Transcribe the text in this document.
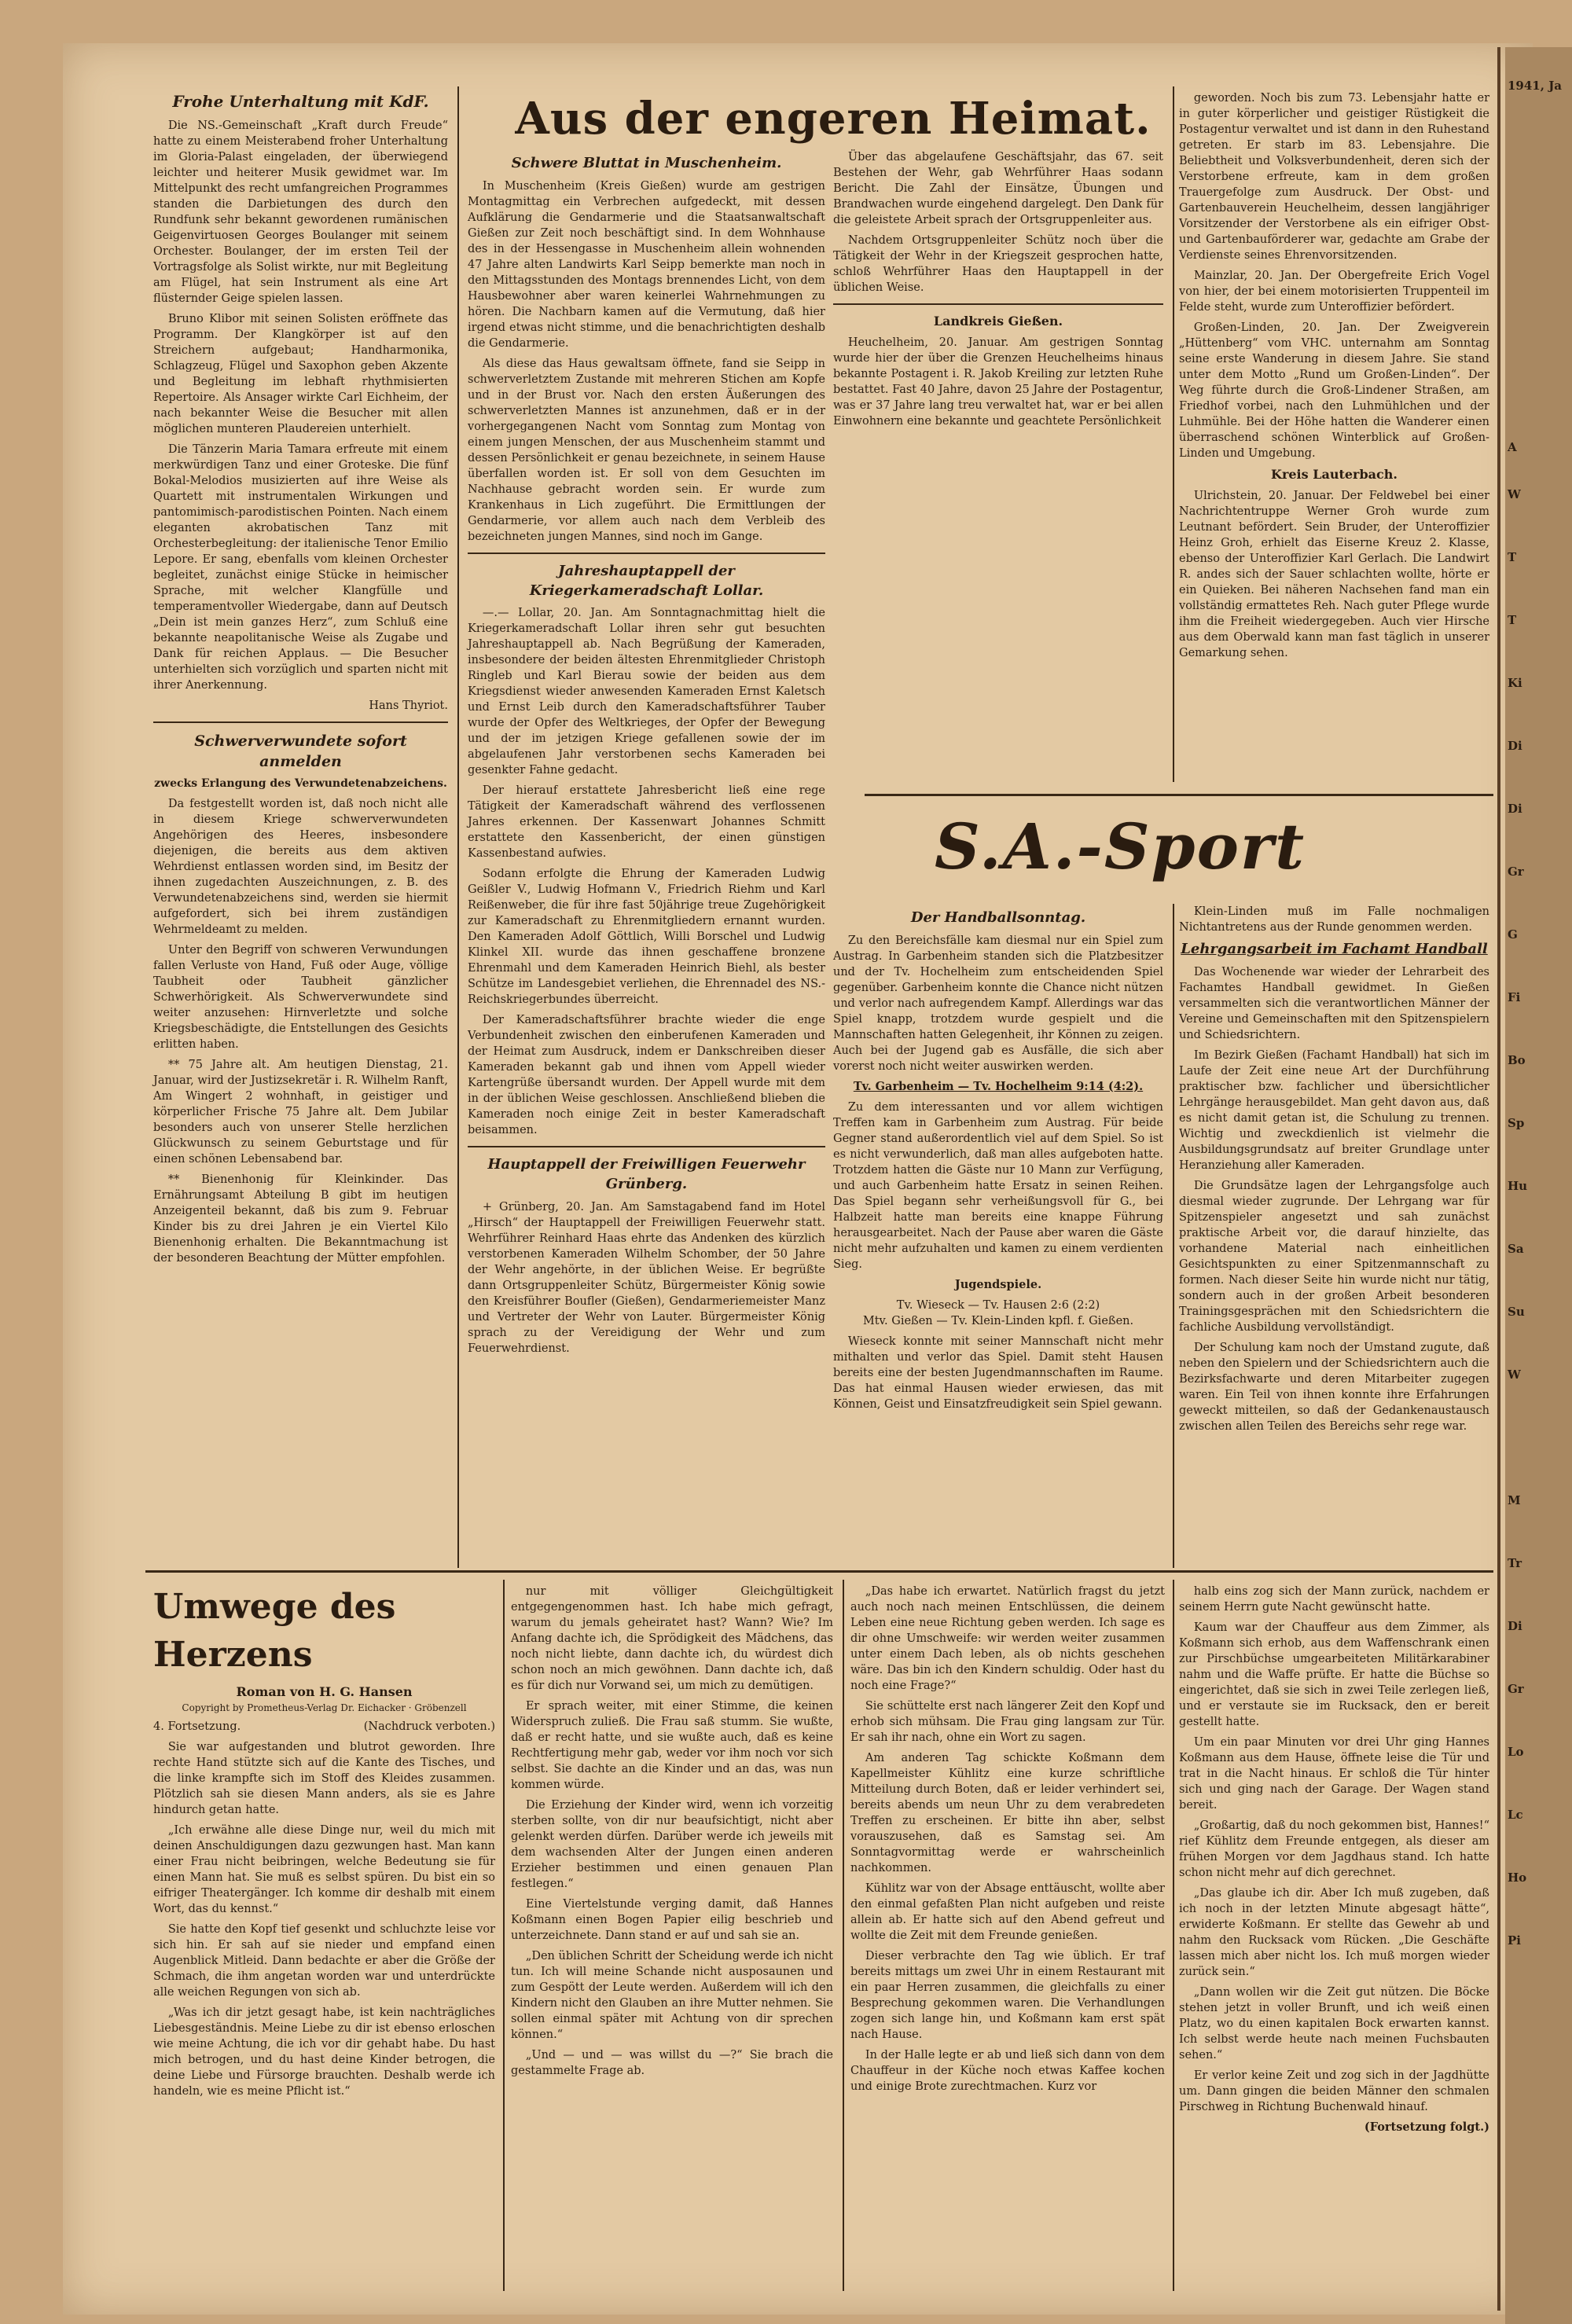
1941, Ja
A
W
T
T
Ki
Di
Di
Gr
G
Fi
Bo
Sp
Hu
Sa
Su
W
M
Tr
Di
Gr
Lo
Lc
Ho
Pi
Frohe Unterhaltung mit KdF.

Die NS.-Gemeinschaft „Kraft durch Freude“ hatte zu einem Meisterabend froher Unterhaltung im Gloria-Palast eingeladen, der überwiegend leichter und heiterer Musik gewidmet war. Im Mittelpunkt des recht umfangreichen Programmes standen die Darbietungen des durch den Rundfunk sehr bekannt gewordenen rumänischen Geigenvirtuosen Georges Boulanger mit seinem Orchester. Boulanger, der im ersten Teil der Vortragsfolge als Solist wirkte, nur mit Begleitung am Flügel, hat sein Instrument als eine Art flüsternder Geige spielen lassen.

Bruno Klibor mit seinen Solisten eröffnete das Programm. Der Klangkörper ist auf den Streichern aufgebaut; Handharmonika, Schlagzeug, Flügel und Saxophon geben Akzente und Begleitung im lebhaft rhythmisierten Repertoire. Als Ansager wirkte Carl Eichheim, der nach bekannter Weise die Besucher mit allen möglichen munteren Plaudereien unterhielt.

Die Tänzerin Maria Tamara erfreute mit einem merkwürdigen Tanz und einer Groteske. Die fünf Bokal-Melodios musizierten auf ihre Weise als Quartett mit instrumentalen Wirkungen und pantomimisch-parodistischen Pointen. Nach einem eleganten akrobatischen Tanz mit Orchesterbegleitung: der italienische Tenor Emilio Lepore. Er sang, ebenfalls vom kleinen Orchester begleitet, zunächst einige Stücke in heimischer Sprache, mit welcher Klangfülle und temperamentvoller Wiedergabe, dann auf Deutsch „Dein ist mein ganzes Herz“, zum Schluß eine bekannte neapolitanische Weise als Zugabe und Dank für reichen Applaus. — Die Besucher unterhielten sich vorzüglich und sparten nicht mit ihrer Anerkennung.

Hans Thyriot.
Schwerverwundete sofort anmelden
zwecks Erlangung des Verwundetenabzeichens.

Da festgestellt worden ist, daß noch nicht alle in diesem Kriege schwerverwundeten Angehörigen des Heeres, insbesondere diejenigen, die bereits aus dem aktiven Wehrdienst entlassen worden sind, im Besitz der ihnen zugedachten Auszeichnungen, z. B. des Verwundetenabzeichens sind, werden sie hiermit aufgefordert, sich bei ihrem zuständigen Wehrmeldeamt zu melden.

Unter den Begriff von schweren Verwundungen fallen Verluste von Hand, Fuß oder Auge, völlige Taubheit oder Taubheit gänzlicher Schwerhörigkeit. Als Schwerverwundete sind weiter anzusehen: Hirnverletzte und solche Kriegsbeschädigte, die Entstellungen des Gesichts erlitten haben.

** 75 Jahre alt. Am heutigen Dienstag, 21. Januar, wird der Justizsekretär i. R. Wilhelm Ranft, Am Wingert 2 wohnhaft, in geistiger und körperlicher Frische 75 Jahre alt. Dem Jubilar besonders auch von unserer Stelle herzlichen Glückwunsch zu seinem Geburtstage und für einen schönen Lebensabend bar.

** Bienenhonig für Kleinkinder. Das Ernährungsamt Abteilung B gibt im heutigen Anzeigenteil bekannt, daß bis zum 9. Februar Kinder bis zu drei Jahren je ein Viertel Kilo Bienenhonig erhalten. Die Bekanntmachung ist der besonderen Beachtung der Mütter empfohlen.

Aus der engeren Heimat.
Schwere Bluttat in Muschenheim.

In Muschenheim (Kreis Gießen) wurde am gestrigen Montagmittag ein Verbrechen aufgedeckt, mit dessen Aufklärung die Gendarmerie und die Staatsanwaltschaft Gießen zur Zeit noch beschäftigt sind. In dem Wohnhause des in der Hessengasse in Muschenheim allein wohnenden 47 Jahre alten Landwirts Karl Seipp bemerkte man noch in den Mittagsstunden des Montags brennendes Licht, von dem Hausbewohner aber waren keinerlei Wahrnehmungen zu hören. Die Nachbarn kamen auf die Vermutung, daß hier irgend etwas nicht stimme, und die benachrichtigten deshalb die Gendarmerie.

Als diese das Haus gewaltsam öffnete, fand sie Seipp in schwerverletztem Zustande mit mehreren Stichen am Kopfe und in der Brust vor. Nach den ersten Äußerungen des schwerverletzten Mannes ist anzunehmen, daß er in der vorhergegangenen Nacht vom Sonntag zum Montag von einem jungen Menschen, der aus Muschenheim stammt und dessen Persönlichkeit er genau bezeichnete, in seinem Hause überfallen worden ist. Er soll von dem Gesuchten im Nachhause gebracht worden sein. Er wurde zum Krankenhaus in Lich zugeführt. Die Ermittlungen der Gendarmerie, vor allem auch nach dem Verbleib des bezeichneten jungen Mannes, sind noch im Gange.

Jahreshauptappell der Kriegerkameradschaft Lollar.

—.— Lollar, 20. Jan. Am Sonntagnachmittag hielt die Kriegerkameradschaft Lollar ihren sehr gut besuchten Jahreshauptappell ab. Nach Begrüßung der Kameraden, insbesondere der beiden ältesten Ehrenmitglieder Christoph Ringleb und Karl Bierau sowie der beiden aus dem Kriegsdienst wieder anwesenden Kameraden Ernst Kaletsch und Ernst Leib durch den Kameradschaftsführer Tauber wurde der Opfer des Weltkrieges, der Opfer der Bewegung und der im jetzigen Kriege gefallenen sowie der im abgelaufenen Jahr verstorbenen sechs Kameraden bei gesenkter Fahne gedacht.

Der hierauf erstattete Jahresbericht ließ eine rege Tätigkeit der Kameradschaft während des verflossenen Jahres erkennen. Der Kassenwart Johannes Schmitt erstattete den Kassenbericht, der einen günstigen Kassenbestand aufwies.

Sodann erfolgte die Ehrung der Kameraden Ludwig Geißler V., Ludwig Hofmann V., Friedrich Riehm und Karl Reißenweber, die für ihre fast 50jährige treue Zugehörigkeit zur Kameradschaft zu Ehrenmitgliedern ernannt wurden. Den Kameraden Adolf Göttlich, Willi Borschel und Ludwig Klinkel XII. wurde das ihnen geschaffene bronzene Ehrenmahl und dem Kameraden Heinrich Biehl, als bester Schütze im Landesgebiet verliehen, die Ehrennadel des NS.-Reichskriegerbundes überreicht.

Der Kameradschaftsführer brachte wieder die enge Verbundenheit zwischen den einberufenen Kameraden und der Heimat zum Ausdruck, indem er Dankschreiben dieser Kameraden bekannt gab und ihnen vom Appell wieder Kartengrüße übersandt wurden. Der Appell wurde mit dem in der üblichen Weise geschlossen. Anschließend blieben die Kameraden noch einige Zeit in bester Kameradschaft beisammen.

Hauptappell der Freiwilligen Feuerwehr Grünberg.

+ Grünberg, 20. Jan. Am Samstagabend fand im Hotel „Hirsch“ der Hauptappell der Freiwilligen Feuerwehr statt. Wehrführer Reinhard Haas ehrte das Andenken des kürzlich verstorbenen Kameraden Wilhelm Schomber, der 50 Jahre der Wehr angehörte, in der üblichen Weise. Er begrüßte dann Ortsgruppenleiter Schütz, Bürgermeister König sowie den Kreisführer Boufler (Gießen), Gendarmeriemeister Manz und Vertreter der Wehr von Lauter. Bürgermeister König sprach zu der Vereidigung der Wehr und zum Feuerwehrdienst.

Über das abgelaufene Geschäftsjahr, das 67. seit Bestehen der Wehr, gab Wehrführer Haas sodann Bericht. Die Zahl der Einsätze, Übungen und Brandwachen wurde eingehend dargelegt. Den Dank für die geleistete Arbeit sprach der Ortsgruppenleiter aus.

Nachdem Ortsgruppenleiter Schütz noch über die Tätigkeit der Wehr in der Kriegszeit gesprochen hatte, schloß Wehrführer Haas den Hauptappell in der üblichen Weise.

Landkreis Gießen.

Heuchelheim, 20. Januar. Am gestrigen Sonntag wurde hier der über die Grenzen Heuchelheims hinaus bekannte Postagent i. R. Jakob Kreiling zur letzten Ruhe bestattet. Fast 40 Jahre, davon 25 Jahre der Postagentur, was er 37 Jahre lang treu verwaltet hat, war er bei allen Einwohnern eine bekannte und geachtete Persönlichkeit

geworden. Noch bis zum 73. Lebensjahr hatte er in guter körperlicher und geistiger Rüstigkeit die Postagentur verwaltet und ist dann in den Ruhestand getreten. Er starb im 83. Lebensjahre. Die Beliebtheit und Volksverbundenheit, deren sich der Verstorbene erfreute, kam in dem großen Trauergefolge zum Ausdruck. Der Obst- und Gartenbauverein Heuchelheim, dessen langjähriger Vorsitzender der Verstorbene als ein eifriger Obst- und Gartenbauförderer war, gedachte am Grabe der Verdienste seines Ehrenvorsitzenden.

Mainzlar, 20. Jan. Der Obergefreite Erich Vogel von hier, der bei einem motorisierten Truppenteil im Felde steht, wurde zum Unteroffizier befördert.

Großen-Linden, 20. Jan. Der Zweigverein „Hüttenberg“ vom VHC. unternahm am Sonntag seine erste Wanderung in diesem Jahre. Sie stand unter dem Motto „Rund um Großen-Linden“. Der Weg führte durch die Groß-Lindener Straßen, am Friedhof vorbei, nach den Luhmühlchen und der Luhmühle. Bei der Höhe hatten die Wanderer einen überraschend schönen Winterblick auf Großen-Linden und Umgebung.

Kreis Lauterbach.

Ulrichstein, 20. Januar. Der Feldwebel bei einer Nachrichtentruppe Werner Groh wurde zum Leutnant befördert. Sein Bruder, der Unteroffizier Heinz Groh, erhielt das Eiserne Kreuz 2. Klasse, ebenso der Unteroffizier Karl Gerlach. Die Landwirt R. andes sich der Sauer schlachten wollte, hörte er ein Quieken. Bei näheren Nachsehen fand man ein vollständig ermattetes Reh. Nach guter Pflege wurde ihm die Freiheit wiedergegeben. Auch vier Hirsche aus dem Oberwald kann man fast täglich in unserer Gemarkung sehen.

S.A.-Sport
Der Handballsonntag.

Zu den Bereichsfälle kam diesmal nur ein Spiel zum Austrag. In Garbenheim standen sich die Platzbesitzer und der Tv. Hochelheim zum entscheidenden Spiel gegenüber. Garbenheim konnte die Chance nicht nützen und verlor nach aufregendem Kampf. Allerdings war das Spiel knapp, trotzdem wurde gespielt und die Mannschaften hatten Gelegenheit, ihr Können zu zeigen. Auch bei der Jugend gab es Ausfälle, die sich aber vorerst noch nicht weiter auswirken werden.

Tv. Garbenheim — Tv. Hochelheim 9:14 (4:2).

Zu dem interessanten und vor allem wichtigen Treffen kam in Garbenheim zum Austrag. Für beide Gegner stand außerordentlich viel auf dem Spiel. So ist es nicht verwunderlich, daß man alles aufgeboten hatte. Trotzdem hatten die Gäste nur 10 Mann zur Verfügung, und auch Garbenheim hatte Ersatz in seinen Reihen. Das Spiel begann sehr verheißungsvoll für G., bei Halbzeit hatte man bereits eine knappe Führung herausgearbeitet. Nach der Pause aber waren die Gäste nicht mehr aufzuhalten und kamen zu einem verdienten Sieg.

Jugendspiele.
Tv. Wieseck — Tv. Hausen 2:6 (2:2)
Mtv. Gießen — Tv. Klein-Linden kpfl. f. Gießen.

Wieseck konnte mit seiner Mannschaft nicht mehr mithalten und verlor das Spiel. Damit steht Hausen bereits eine der besten Jugendmannschaften im Raume. Das hat einmal Hausen wieder erwiesen, das mit Können, Geist und Einsatzfreudigkeit sein Spiel gewann.

Klein-Linden muß im Falle nochmaligen Nichtantretens aus der Runde genommen werden.

Lehrgangsarbeit im Fachamt Handball

Das Wochenende war wieder der Lehrarbeit des Fachamtes Handball gewidmet. In Gießen versammelten sich die verantwortlichen Männer der Vereine und Gemeinschaften mit den Spitzenspielern und Schiedsrichtern.

Im Bezirk Gießen (Fachamt Handball) hat sich im Laufe der Zeit eine neue Art der Durchführung praktischer bzw. fachlicher und übersichtlicher Lehrgänge herausgebildet. Man geht davon aus, daß es nicht damit getan ist, die Schulung zu trennen. Wichtig und zweckdienlich ist vielmehr die Ausbildungsgrundsatz auf breiter Grundlage unter Heranziehung aller Kameraden.

Die Grundsätze lagen der Lehrgangsfolge auch diesmal wieder zugrunde. Der Lehrgang war für Spitzenspieler angesetzt und sah zunächst praktische Arbeit vor, die darauf hinzielte, das vorhandene Material nach einheitlichen Gesichtspunkten zu einer Spitzenmannschaft zu formen. Nach dieser Seite hin wurde nicht nur tätig, sondern auch in der großen Arbeit besonderen Trainingsgesprächen mit den Schiedsrichtern die fachliche Ausbildung vervollständigt.

Der Schulung kam noch der Umstand zugute, daß neben den Spielern und der Schiedsrichtern auch die Bezirksfachwarte und deren Mitarbeiter zugegen waren. Ein Teil von ihnen konnte ihre Erfahrungen geweckt mitteilen, so daß der Gedankenaustausch zwischen allen Teilen des Bereichs sehr rege war.

Umwege des Herzens
Roman von H. G. Hansen
Copyright by Prometheus-Verlag Dr. Eichacker · Gröbenzell
4. Fortsetzung.	(Nachdruck verboten.)

Sie war aufgestanden und blutrot geworden. Ihre rechte Hand stützte sich auf die Kante des Tisches, und die linke krampfte sich im Stoff des Kleides zusammen. Plötzlich sah sie diesen Mann anders, als sie es Jahre hindurch getan hatte.

„Ich erwähne alle diese Dinge nur, weil du mich mit deinen Anschuldigungen dazu gezwungen hast. Man kann einer Frau nicht beibringen, welche Bedeutung sie für einen Mann hat. Sie muß es selbst spüren. Du bist ein so eifriger Theatergänger. Ich komme dir deshalb mit einem Wort, das du kennst.“

Sie hatte den Kopf tief gesenkt und schluchzte leise vor sich hin. Er sah auf sie nieder und empfand einen Augenblick Mitleid. Dann bedachte er aber die Größe der Schmach, die ihm angetan worden war und unterdrückte alle weichen Regungen von sich ab.

„Was ich dir jetzt gesagt habe, ist kein nachträgliches Liebesgeständnis. Meine Liebe zu dir ist ebenso erloschen wie meine Achtung, die ich vor dir gehabt habe. Du hast mich betrogen, und du hast deine Kinder betrogen, die deine Liebe und Fürsorge brauchten. Deshalb werde ich handeln, wie es meine Pflicht ist.“

nur mit völliger Gleichgültigkeit entgegengenommen hast. Ich habe mich gefragt, warum du jemals geheiratet hast? Wann? Wie? Im Anfang dachte ich, die Sprödigkeit des Mädchens, das noch nicht liebte, dann dachte ich, du würdest dich schon noch an mich gewöhnen. Dann dachte ich, daß es für dich nur Vorwand sei, um mich zu demütigen.

Er sprach weiter, mit einer Stimme, die keinen Widerspruch zuließ. Die Frau saß stumm. Sie wußte, daß er recht hatte, und sie wußte auch, daß es keine Rechtfertigung mehr gab, weder vor ihm noch vor sich selbst. Sie dachte an die Kinder und an das, was nun kommen würde.

Die Erziehung der Kinder wird, wenn ich vorzeitig sterben sollte, von dir nur beaufsichtigt, nicht aber gelenkt werden dürfen. Darüber werde ich jeweils mit dem wachsenden Alter der Jungen einen anderen Erzieher bestimmen und einen genauen Plan festlegen.“

Eine Viertelstunde verging damit, daß Hannes Koßmann einen Bogen Papier eilig beschrieb und unterzeichnete. Dann stand er auf und sah sie an.

„Den üblichen Schritt der Scheidung werde ich nicht tun. Ich will meine Schande nicht ausposaunen und zum Gespött der Leute werden. Außerdem will ich den Kindern nicht den Glauben an ihre Mutter nehmen. Sie sollen einmal später mit Achtung von dir sprechen können.“

„Und — und — was willst du —?“ Sie brach die gestammelte Frage ab.

„Das habe ich erwartet. Natürlich fragst du jetzt auch noch nach meinen Entschlüssen, die deinem Leben eine neue Richtung geben werden. Ich sage es dir ohne Umschweife: wir werden weiter zusammen unter einem Dach leben, als ob nichts geschehen wäre. Das bin ich den Kindern schuldig. Oder hast du noch eine Frage?“

Sie schüttelte erst nach längerer Zeit den Kopf und erhob sich mühsam. Die Frau ging langsam zur Tür. Er sah ihr nach, ohne ein Wort zu sagen.

Am anderen Tag schickte Koßmann dem Kapellmeister Kühlitz eine kurze schriftliche Mitteilung durch Boten, daß er leider verhindert sei, bereits abends um neun Uhr zu dem verabredeten Treffen zu erscheinen. Er bitte ihn aber, selbst vorauszusehen, daß es Samstag sei. Am Sonntagvormittag werde er wahrscheinlich nachkommen.

Kühlitz war von der Absage enttäuscht, wollte aber den einmal gefaßten Plan nicht aufgeben und reiste allein ab. Er hatte sich auf den Abend gefreut und wollte die Zeit mit dem Freunde genießen.

Dieser verbrachte den Tag wie üblich. Er traf bereits mittags um zwei Uhr in einem Restaurant mit ein paar Herren zusammen, die gleichfalls zu einer Besprechung gekommen waren. Die Verhandlungen zogen sich lange hin, und Koßmann kam erst spät nach Hause.

In der Halle legte er ab und ließ sich dann von dem Chauffeur in der Küche noch etwas Kaffee kochen und einige Brote zurechtmachen. Kurz vor

halb eins zog sich der Mann zurück, nachdem er seinem Herrn gute Nacht gewünscht hatte.

Kaum war der Chauffeur aus dem Zimmer, als Koßmann sich erhob, aus dem Waffenschrank einen zur Pirschbüchse umgearbeiteten Militärkarabiner nahm und die Waffe prüfte. Er hatte die Büchse so eingerichtet, daß sie sich in zwei Teile zerlegen ließ, und er verstaute sie im Rucksack, den er bereit gestellt hatte.

Um ein paar Minuten vor drei Uhr ging Hannes Koßmann aus dem Hause, öffnete leise die Tür und trat in die Nacht hinaus. Er schloß die Tür hinter sich und ging nach der Garage. Der Wagen stand bereit.

„Großartig, daß du noch gekommen bist, Hannes!“ rief Kühlitz dem Freunde entgegen, als dieser am frühen Morgen vor dem Jagdhaus stand. Ich hatte schon nicht mehr auf dich gerechnet.

„Das glaube ich dir. Aber Ich muß zugeben, daß ich noch in der letzten Minute abgesagt hätte“, erwiderte Koßmann. Er stellte das Gewehr ab und nahm den Rucksack vom Rücken. „Die Geschäfte lassen mich aber nicht los. Ich muß morgen wieder zurück sein.“

„Dann wollen wir die Zeit gut nützen. Die Böcke stehen jetzt in voller Brunft, und ich weiß einen Platz, wo du einen kapitalen Bock erwarten kannst. Ich selbst werde heute nach meinen Fuchsbauten sehen.“

Er verlor keine Zeit und zog sich in der Jagdhütte um. Dann gingen die beiden Männer den schmalen Pirschweg in Richtung Buchenwald hinauf.

(Fortsetzung folgt.)
